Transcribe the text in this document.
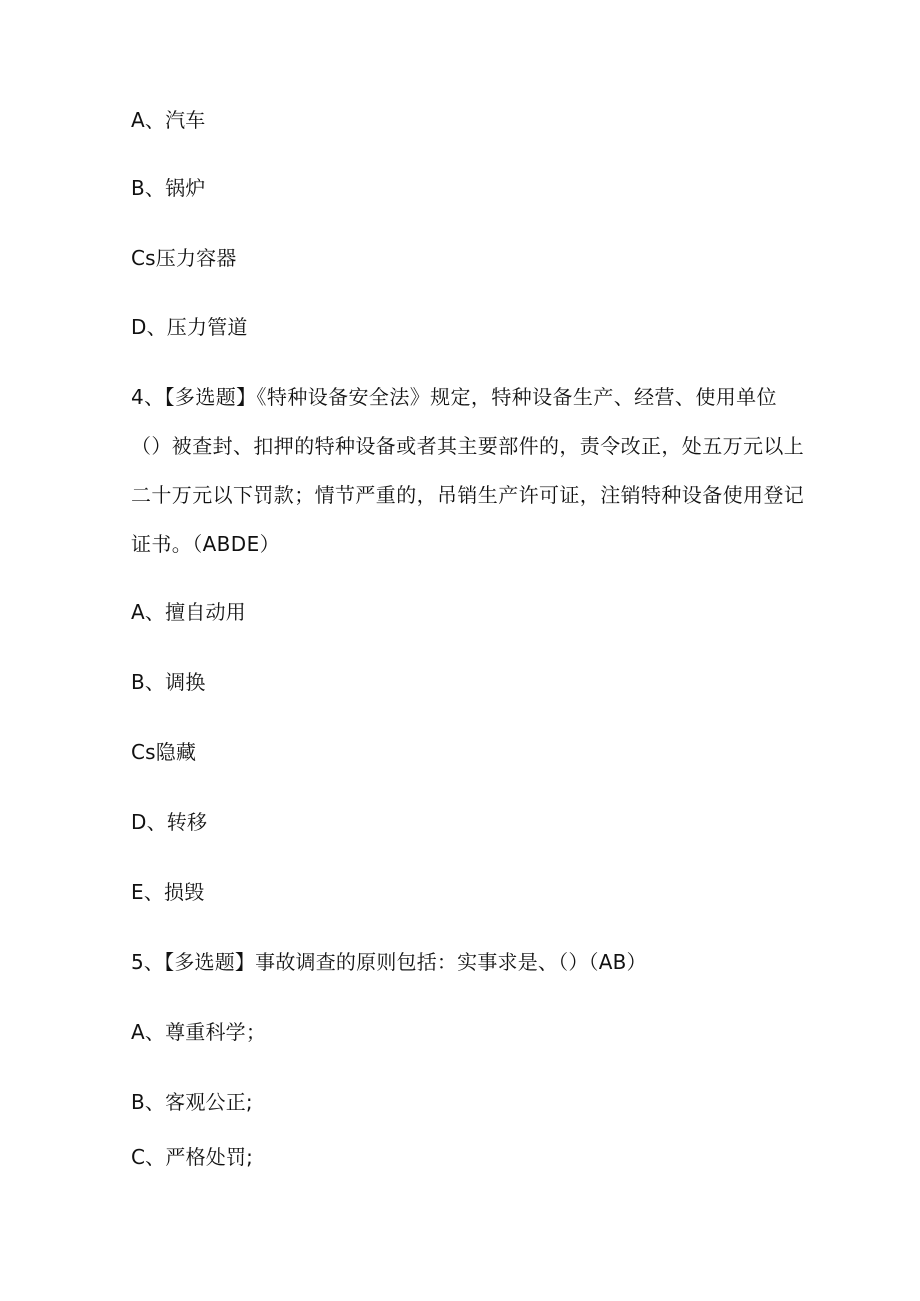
A、汽车
B、锅炉
Cs压力容器
D、压力管道
4、【多选题】《特种设备安全法》规定，特种设备生产、经营、使用单位
（）被查封、扣押的特种设备或者其主要部件的，责令改正，处五万元以上
二十万元以下罚款；情节严重的，吊销生产许可证，注销特种设备使用登记
证书。（ABDE）
A、擅自动用
B、调换
Cs隐藏
D、转移
E、损毁
5、【多选题】事故调查的原则包括：实事求是、（）（AB）
A、尊重科学；
B、客观公正;
C、严格处罚;
